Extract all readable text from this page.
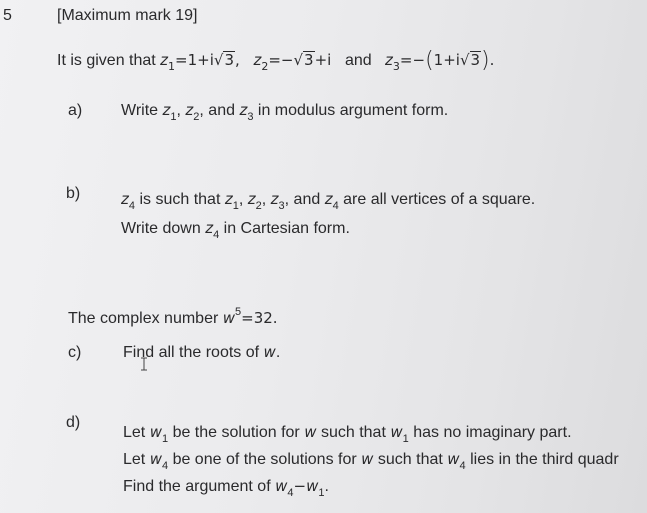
5	[Maximum mark 19]
It is given that $z_1=1+i√3$,   $z_2=-√3+i$ and $z_3=-(1+i√3)$.
a) Write $z_1$, $z_2$, and $z_3$ in modulus argument form.
b)	$z_4$ is such that $z_1$, $z_2$, $z_3$, and $z_4$ are all vertices of a square.
Write down $z_4$ in Cartesian form.
The complex number $w^5=32$.
c)	Find all the roots of w.
d)
Let $w_1$ be the solution for w such that $w_1$ has no imaginary part.
Let $w_4$ be one of the solutions for w such that $w_4$ lies in the third quadr
Find the argument of $w_4-w_1$.
